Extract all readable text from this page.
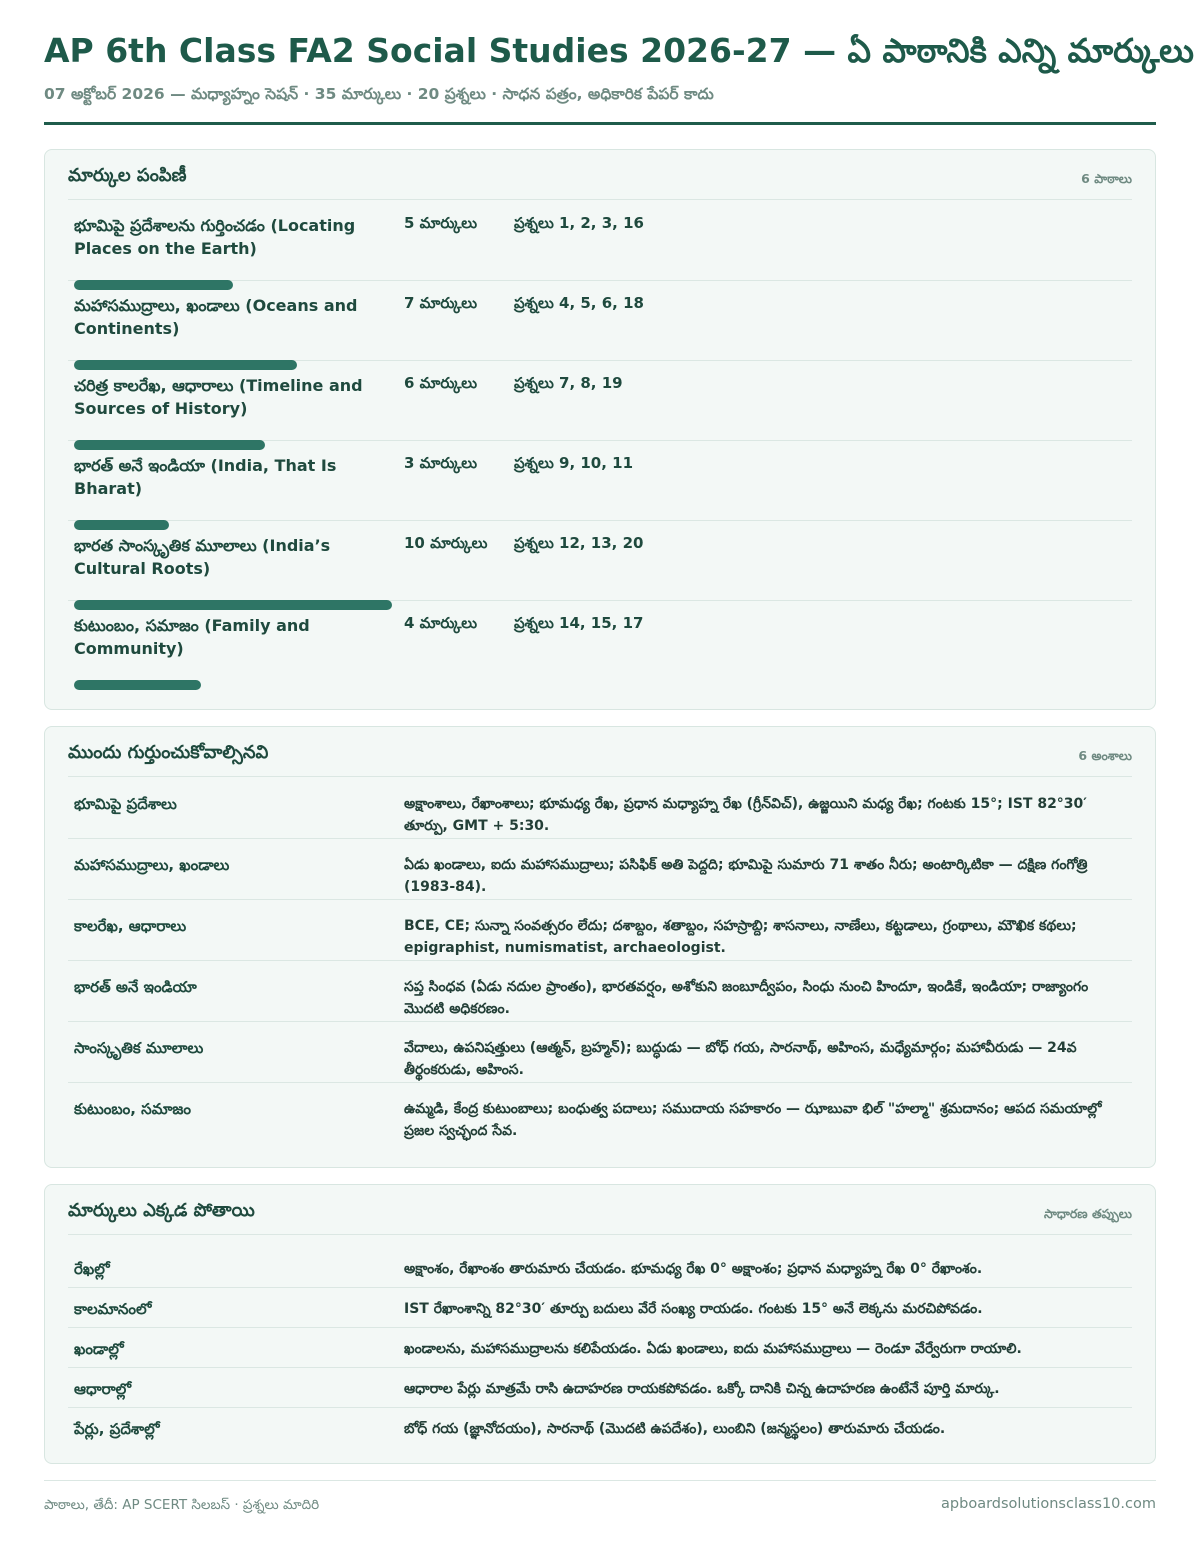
AP 6th Class FA2 Social Studies 2026-27 — ఏ పాఠానికి ఎన్ని మార్కులు
07 అక్టోబర్ 2026 — మధ్యాహ్నం సెషన్ · 35 మార్కులు · 20 ప్రశ్నలు · సాధన పత్రం, అధికారిక పేపర్ కాదు
మార్కుల పంపిణీ	6 పాఠాలు
భూమిపై ప్రదేశాలను గుర్తించడం (Locating Places on the Earth)
5 మార్కులు ప్రశ్నలు 1, 2, 3, 16
మహాసముద్రాలు, ఖండాలు (Oceans and Continents)
7 మార్కులు ప్రశ్నలు 4, 5, 6, 18
చరిత్ర కాలరేఖ, ఆధారాలు (Timeline and Sources of History)
6 మార్కులు ప్రశ్నలు 7, 8, 19
భారత్ అనే ఇండియా (India, That Is Bharat)
3 మార్కులు ప్రశ్నలు 9, 10, 11
భారత సాంస్కృతిక మూలాలు (India’s Cultural Roots)
10 మార్కులు ప్రశ్నలు 12, 13, 20
కుటుంబం, సమాజం (Family and Community)
4 మార్కులు ప్రశ్నలు 14, 15, 17
ముందు గుర్తుంచుకోవాల్సినవి	6 అంశాలు
భూమిపై ప్రదేశాలు	అక్షాంశాలు, రేఖాంశాలు; భూమధ్య రేఖ, ప్రధాన మధ్యాహ్న రేఖ (గ్రీన్‌విచ్), ఉజ్జయిని మధ్య రేఖ; గంటకు 15°; IST 82°30′ తూర్పు, GMT + 5:30.
మహాసముద్రాలు, ఖండాలు	ఏడు ఖండాలు, ఐదు మహాసముద్రాలు; పసిఫిక్ అతి పెద్దది; భూమిపై సుమారు 71 శాతం నీరు; అంటార్కిటికా — దక్షిణ గంగోత్రి (1983-84).
కాలరేఖ, ఆధారాలు	BCE, CE; సున్నా సంవత్సరం లేదు; దశాబ్దం, శతాబ్దం, సహస్రాబ్ది; శాసనాలు, నాణేలు, కట్టడాలు, గ్రంథాలు, మౌఖిక కథలు; epigraphist, numismatist, archaeologist.
భారత్ అనే ఇండియా	సప్త సింధవ (ఏడు నదుల ప్రాంతం), భారతవర్షం, అశోకుని జంబూద్వీపం, సింధు నుంచి హిందూ, ఇండికే, ఇండియా; రాజ్యాంగం మొదటి అధికరణం.
సాంస్కృతిక మూలాలు	వేదాలు, ఉపనిషత్తులు (ఆత్మన్, బ్రహ్మన్); బుద్ధుడు — బోధ్ గయ, సారనాథ్, అహింస, మధ్యేమార్గం; మహావీరుడు — 24వ తీర్థంకరుడు, అహింస.
కుటుంబం, సమాజం	ఉమ్మడి, కేంద్ర కుటుంబాలు; బంధుత్వ పదాలు; సముదాయ సహకారం — ఝాబువా భిల్ "హల్మా" శ్రమదానం; ఆపద సమయాల్లో ప్రజల స్వచ్ఛంద సేవ.
మార్కులు ఎక్కడ పోతాయి	సాధారణ తప్పులు
రేఖల్లో	అక్షాంశం, రేఖాంశం తారుమారు చేయడం. భూమధ్య రేఖ 0° అక్షాంశం; ప్రధాన మధ్యాహ్న రేఖ 0° రేఖాంశం.
కాలమానంలో	IST రేఖాంశాన్ని 82°30′ తూర్పు బదులు వేరే సంఖ్య రాయడం. గంటకు 15° అనే లెక్కను మరచిపోవడం.
ఖండాల్లో	ఖండాలను, మహాసముద్రాలను కలిపేయడం. ఏడు ఖండాలు, ఐదు మహాసముద్రాలు — రెండూ వేర్వేరుగా రాయాలి.
ఆధారాల్లో	ఆధారాల పేర్లు మాత్రమే రాసి ఉదాహరణ రాయకపోవడం. ఒక్కో దానికి చిన్న ఉదాహరణ ఉంటేనే పూర్తి మార్కు.
పేర్లు, ప్రదేశాల్లో	బోధ్ గయ (జ్ఞానోదయం), సారనాథ్ (మొదటి ఉపదేశం), లుంబిని (జన్మస్థలం) తారుమారు చేయడం.
పాఠాలు, తేదీ: AP SCERT సిలబస్ · ప్రశ్నలు మాదిరి	apboardsolutionsclass10.com
